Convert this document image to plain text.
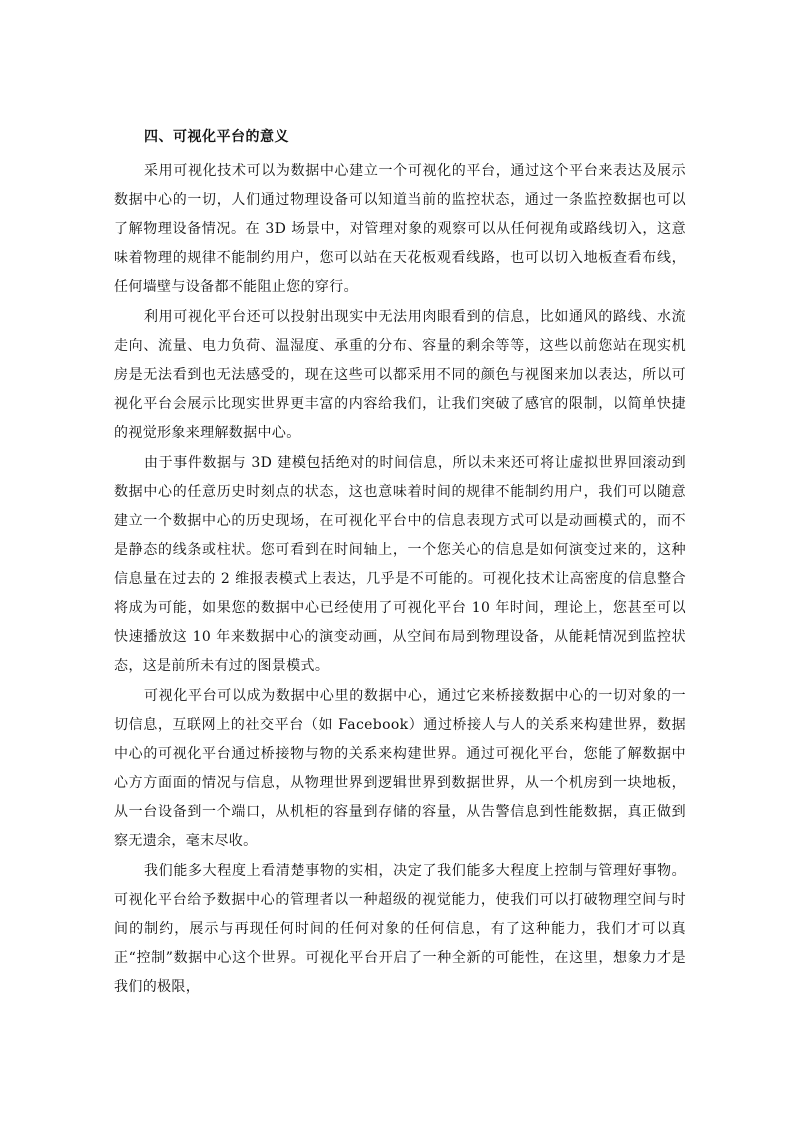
四、可视化平台的意义

采用可视化技术可以为数据中心建立一个可视化的平台，通过这个平台来表达及展示数据中心的一切，人们通过物理设备可以知道当前的监控状态，通过一条监控数据也可以了解物理设备情况。在 3D 场景中，对管理对象的观察可以从任何视角或路线切入，这意味着物理的规律不能制约用户，您可以站在天花板观看线路，也可以切入地板查看布线，任何墙壁与设备都不能阻止您的穿行。

利用可视化平台还可以投射出现实中无法用肉眼看到的信息，比如通风的路线、水流走向、流量、电力负荷、温湿度、承重的分布、容量的剩余等等，这些以前您站在现实机房是无法看到也无法感受的，现在这些可以都采用不同的颜色与视图来加以表达，所以可视化平台会展示比现实世界更丰富的内容给我们，让我们突破了感官的限制，以简单快捷的视觉形象来理解数据中心。

由于事件数据与 3D 建模包括绝对的时间信息，所以未来还可将让虚拟世界回滚动到数据中心的任意历史时刻点的状态，这也意味着时间的规律不能制约用户，我们可以随意建立一个数据中心的历史现场，在可视化平台中的信息表现方式可以是动画模式的，而不是静态的线条或柱状。您可看到在时间轴上，一个您关心的信息是如何演变过来的，这种信息量在过去的 2 维报表模式上表达，几乎是不可能的。可视化技术让高密度的信息整合将成为可能，如果您的数据中心已经使用了可视化平台 10 年时间，理论上，您甚至可以快速播放这 10 年来数据中心的演变动画，从空间布局到物理设备，从能耗情况到监控状态，这是前所未有过的图景模式。

可视化平台可以成为数据中心里的数据中心，通过它来桥接数据中心的一切对象的一切信息，互联网上的社交平台（如 Facebook）通过桥接人与人的关系来构建世界，数据中心的可视化平台通过桥接物与物的关系来构建世界。通过可视化平台，您能了解数据中心方方面面的情况与信息，从物理世界到逻辑世界到数据世界，从一个机房到一块地板，从一台设备到一个端口，从机柜的容量到存储的容量，从告警信息到性能数据，真正做到察无遗余，毫末尽收。

我们能多大程度上看清楚事物的实相，决定了我们能多大程度上控制与管理好事物。可视化平台给予数据中心的管理者以一种超级的视觉能力，使我们可以打破物理空间与时间的制约，展示与再现任何时间的任何对象的任何信息，有了这种能力，我们才可以真正“控制”数据中心这个世界。可视化平台开启了一种全新的可能性，在这里，想象力才是我们的极限，
